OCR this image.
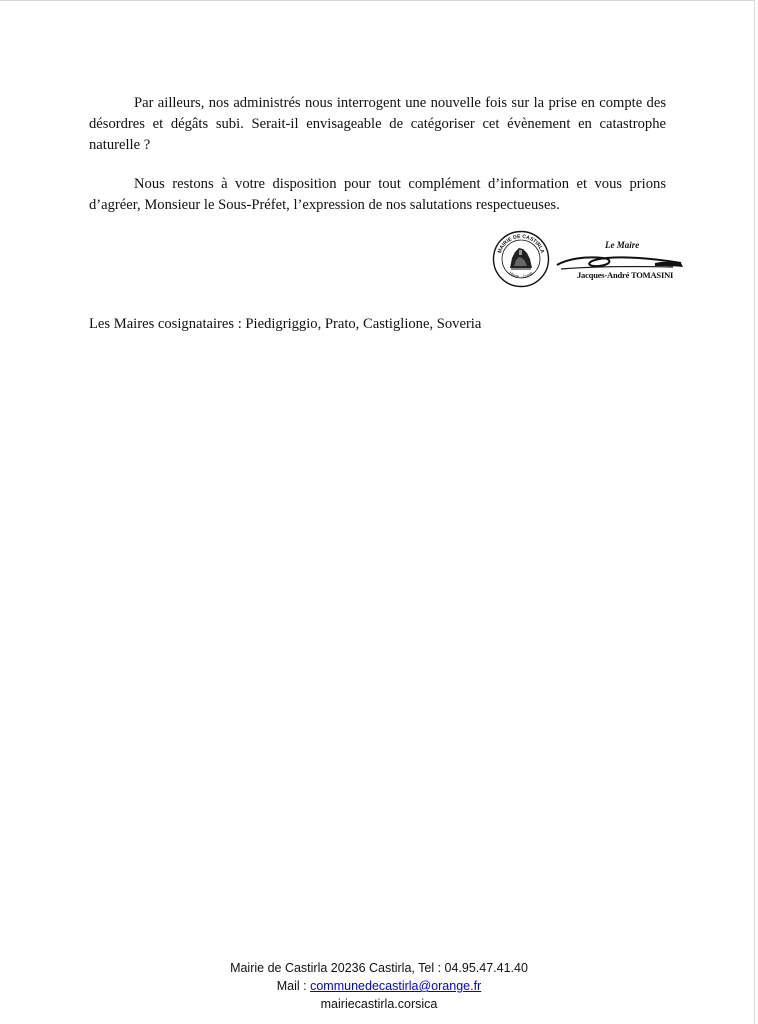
Par ailleurs, nos administrés nous interrogent une nouvelle fois sur la prise en compte des désordres et dégâts subi. Serait-il envisageable de catégoriser cet évènement en catastrophe naturelle ?

Nous restons à votre disposition pour tout complément d’information et vous prions d’agréer, Monsieur le Sous-Préfet, l’expression de nos salutations respectueuses.

MAIRIE DE CASTIRLA
Haute - Corse
Le Maire
Jacques-André TOMASINI

Les Maires cosignataires : Piedigriggio, Prato, Castiglione, Soveria

Mairie de Castirla 20236 Castirla, Tel : 04.95.47.41.40
Mail : communedecastirla@orange.fr
mairiecastirla.corsica
